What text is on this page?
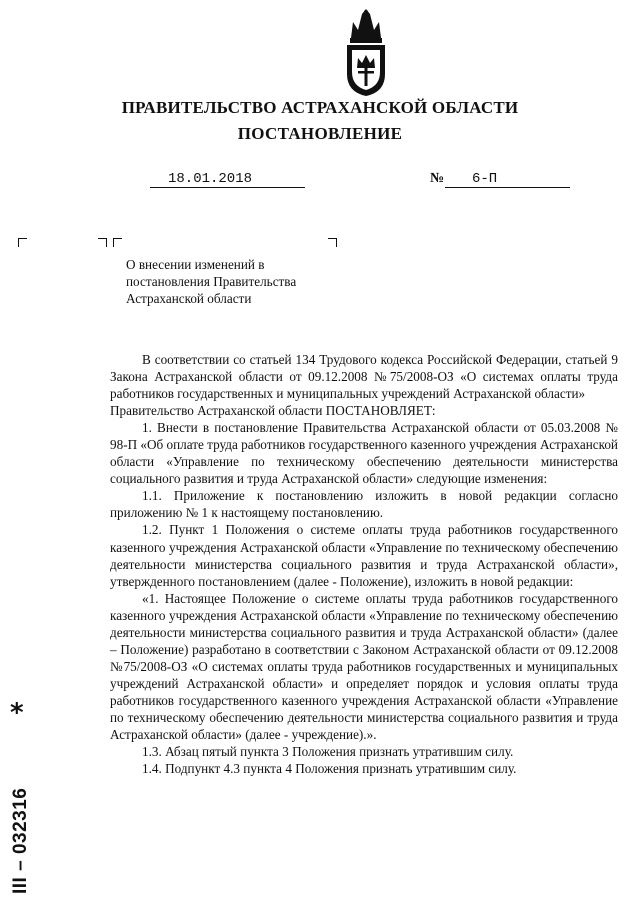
ПРАВИТЕЛЬСТВО АСТРАХАНСКОЙ ОБЛАСТИ
ПОСТАНОВЛЕНИЕ
18.01.2018	№ 6-П
О внесении изменений в постановления Правительства Астраханской области

В соответствии со статьей 134 Трудового кодекса Российской Федерации, статьей 9 Закона Астраханской области от 09.12.2008 №75/2008-ОЗ «О системах оплаты труда работников государственных и муниципальных учреждений Астраханской области»

Правительство Астраханской области ПОСТАНОВЛЯЕТ:

1. Внести в постановление Правительства Астраханской области от 05.03.2008 № 98-П «Об оплате труда работников государственного казенного учреждения Астраханской области «Управление по техническому обеспечению деятельности министерства социального развития и труда Астраханской области» следующие изменения:

1.1. Приложение к постановлению изложить в новой редакции согласно приложению № 1 к настоящему постановлению.

1.2. Пункт 1 Положения о системе оплаты труда работников государственного казенного учреждения Астраханской области «Управление по техническому обеспечению деятельности министерства социального развития и труда Астраханской области», утвержденного постановлением (далее - Положение), изложить в новой редакции:

«1. Настоящее Положение о системе оплаты труда работников государственного казенного учреждения Астраханской области «Управление по техническому обеспечению деятельности министерства социального развития и труда Астраханской области» (далее – Положение) разработано в соответствии с Законом Астраханской области от 09.12.2008 №75/2008-ОЗ «О системах оплаты труда работников государственных и муниципальных учреждений Астраханской области» и определяет порядок и условия оплаты труда работников государственного казенного учреждения Астраханской области «Управление по техническому обеспечению деятельности министерства социального развития и труда Астраханской области» (далее - учреждение).».

1.3. Абзац пятый пункта 3 Положения признать утратившим силу.

1.4. Подпункт 4.3 пункта 4 Положения признать утратившим силу.

*
III – 032316
